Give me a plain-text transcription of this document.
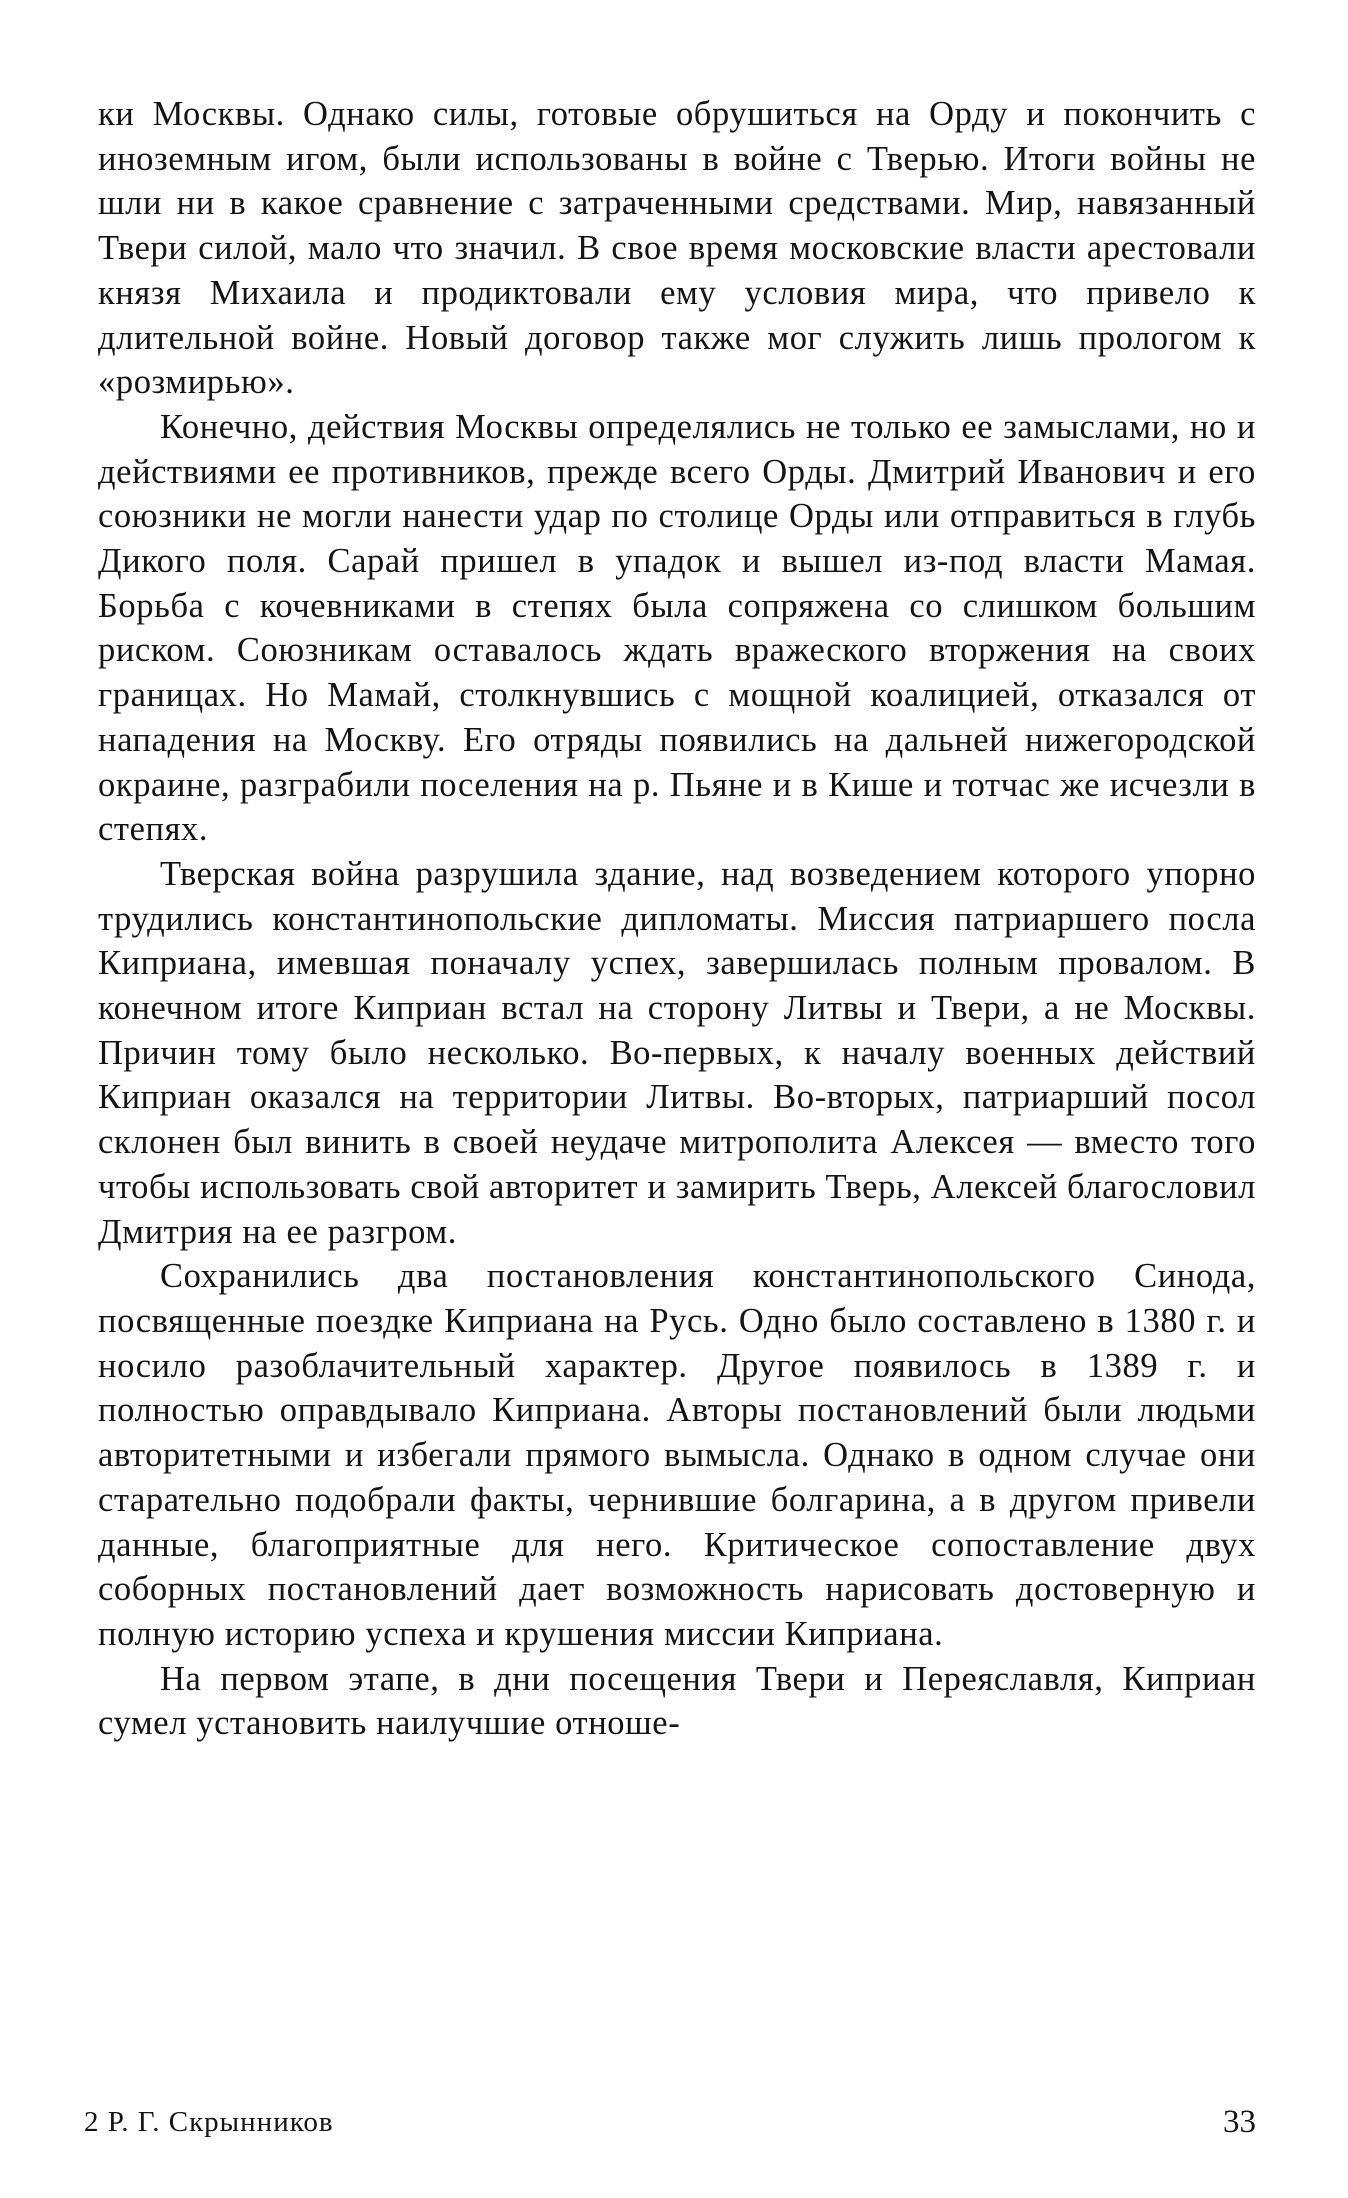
ки Москвы. Однако силы, готовые обрушиться на Орду и покончить с иноземным игом, были использованы в войне с Тверью. Итоги войны не шли ни в какое сравнение с затраченными средствами. Мир, навязанный Твери силой, мало что значил. В свое время московские власти арестовали князя Михаила и продиктовали ему условия мира, что привело к длительной войне. Новый договор также мог служить лишь прологом к «розмирью».

Конечно, действия Москвы определялись не только ее замыслами, но и действиями ее противников, прежде всего Орды. Дмитрий Иванович и его союзники не могли нанести удар по столице Орды или отправиться в глубь Дикого поля. Сарай пришел в упадок и вышел из-под власти Мамая. Борьба с кочевниками в степях была сопряжена со слишком большим риском. Союзникам оставалось ждать вражеского вторжения на своих границах. Но Мамай, столкнувшись с мощной коалицией, отказался от нападения на Москву. Его отряды появились на дальней нижегородской окраине, разграбили поселения на р. Пьяне и в Кише и тотчас же исчезли в степях.

Тверская война разрушила здание, над возведением которого упорно трудились константинопольские дипломаты. Миссия патриаршего посла Киприана, имевшая поначалу успех, завершилась полным провалом. В конечном итоге Киприан встал на сторону Литвы и Твери, а не Москвы. Причин тому было несколько. Во-первых, к началу военных действий Киприан оказался на территории Литвы. Во-вторых, патриарший посол склонен был винить в своей неудаче митрополита Алексея — вместо того чтобы использовать свой авторитет и замирить Тверь, Алексей благословил Дмитрия на ее разгром.

Сохранились два постановления константинопольского Синода, посвященные поездке Киприана на Русь. Одно было составлено в 1380 г. и носило разоблачительный характер. Другое появилось в 1389 г. и полностью оправдывало Киприана. Авторы постановлений были людьми авторитетными и избегали прямого вымысла. Однако в одном случае они старательно подобрали факты, чернившие болгарина, а в другом привели данные, благоприятные для него. Критическое сопоставление двух соборных постановлений дает возможность нарисовать достоверную и полную историю успеха и крушения миссии Киприана.

На первом этапе, в дни посещения Твери и Переяславля, Киприан сумел установить наилучшие отноше-

2 Р. Г. Скрынников	33
